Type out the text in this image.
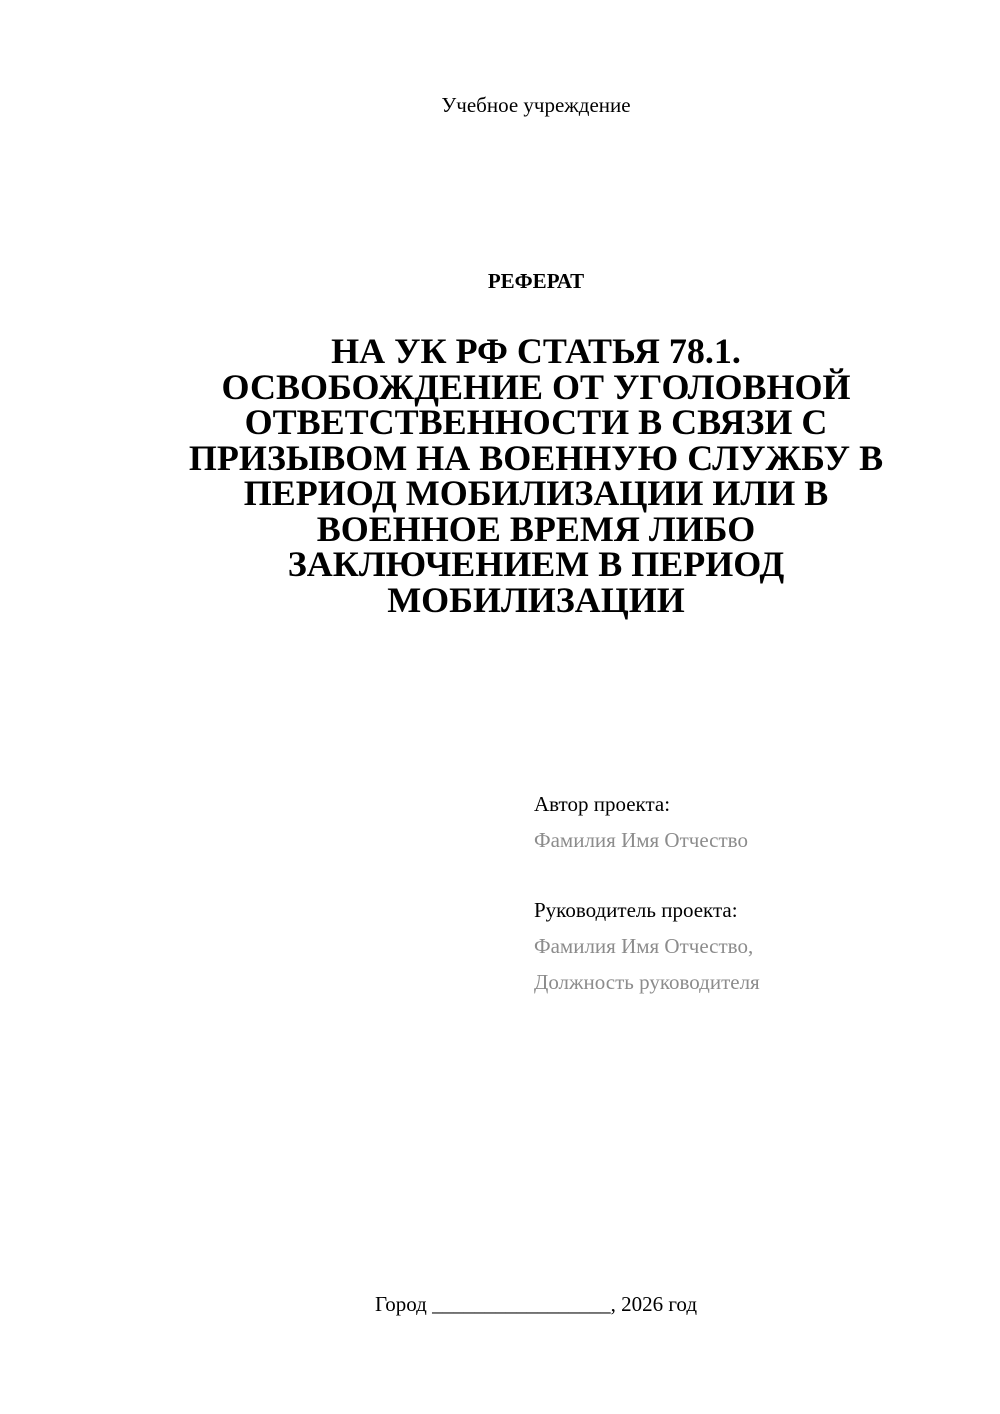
Учебное учреждение
РЕФЕРАТ
НА УК РФ СТАТЬЯ 78.1.
ОСВОБОЖДЕНИЕ ОТ УГОЛОВНОЙ
ОТВЕТСТВЕННОСТИ В СВЯЗИ С
ПРИЗЫВОМ НА ВОЕННУЮ СЛУЖБУ В
ПЕРИОД МОБИЛИЗАЦИИ ИЛИ В
ВОЕННОЕ ВРЕМЯ ЛИБО
ЗАКЛЮЧЕНИЕМ В ПЕРИОД
МОБИЛИЗАЦИИ
Автор проекта:
Фамилия Имя Отчество
Руководитель проекта:
Фамилия Имя Отчество,
Должность руководителя
Город _________________, 2026 год
